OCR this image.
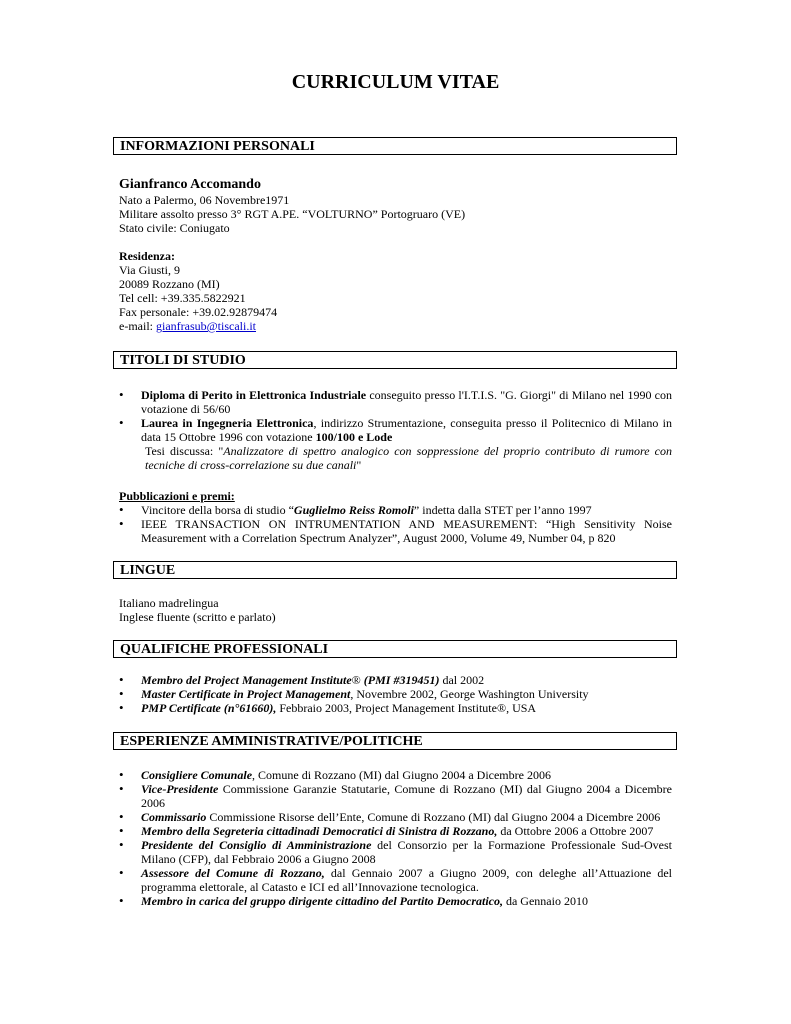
CURRICULUM VITAE
INFORMAZIONI PERSONALI
Gianfranco Accomando
Nato a Palermo, 06 Novembre1971
Militare assolto presso 3° RGT A.PE. “VOLTURNO” Portogruaro (VE)
Stato civile: Coniugato

Residenza:
Via Giusti, 9
20089 Rozzano (MI)
Tel cell: +39.335.5822921
Fax personale: +39.02.92879474
e-mail: gianfrasub@tiscali.it
TITOLI DI STUDIO
• Diploma di Perito in Elettronica Industriale conseguito presso l'I.T.I.S. "G. Giorgi" di Milano nel 1990 con votazione di 56/60
• Laurea in Ingegneria Elettronica, indirizzo Strumentazione, conseguita presso il Politecnico di Milano in data 15 Ottobre 1996 con votazione 100/100 e Lode
Tesi discussa: "Analizzatore di spettro analogico con soppressione del proprio contributo di rumore con tecniche di cross-correlazione su due canali"
Pubblicazioni e premi:
• Vincitore della borsa di studio “Guglielmo Reiss Romoli” indetta dalla STET per l’anno 1997
• IEEE TRANSACTION ON INTRUMENTATION AND MEASUREMENT: “High Sensitivity Noise Measurement with a Correlation Spectrum Analyzer”, August 2000, Volume 49, Number 04, p 820
LINGUE
Italiano madrelingua
Inglese fluente (scritto e parlato)
QUALIFICHE PROFESSIONALI
• Membro del Project Management Institute® (PMI #319451) dal 2002
• Master Certificate in Project Management, Novembre 2002, George Washington University
• PMP Certificate (n°61660), Febbraio 2003, Project Management Institute®, USA
ESPERIENZE AMMINISTRATIVE/POLITICHE
• Consigliere Comunale, Comune di Rozzano (MI) dal Giugno 2004 a Dicembre 2006
• Vice-Presidente Commissione Garanzie Statutarie, Comune di Rozzano (MI) dal Giugno 2004 a Dicembre 2006
• Commissario Commissione Risorse dell’Ente, Comune di Rozzano (MI) dal Giugno 2004 a Dicembre 2006
• Membro della Segreteria cittadinadi Democratici di Sinistra di Rozzano, da Ottobre 2006 a Ottobre 2007
• Presidente del Consiglio di Amministrazione del Consorzio per la Formazione Professionale Sud-Ovest Milano (CFP), dal Febbraio 2006 a Giugno 2008
• Assessore del Comune di Rozzano, dal Gennaio 2007 a Giugno 2009, con deleghe all’Attuazione del programma elettorale, al Catasto e ICI ed all’Innovazione tecnologica.
• Membro in carica del gruppo dirigente cittadino del Partito Democratico, da Gennaio 2010
